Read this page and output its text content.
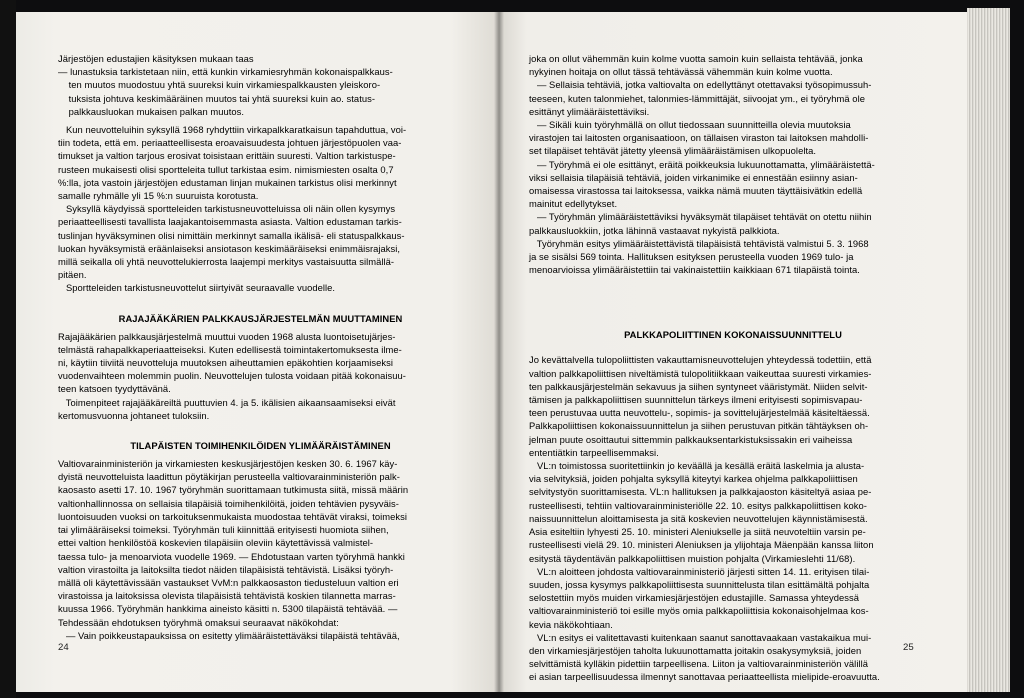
Järjestöjen edustajien käsityksen mukaan taas

— lunastuksia tarkistetaan niin, että kunkin virkamiesryhmän kokonaispalkkaus-

ten muutos muodostuu yhtä suureksi kuin virkamiespalkkausten yleiskoro-

tuksista johtuva keskimääräinen muutos tai yhtä suureksi kuin ao. status-

palkkausluokan mukaisen palkan muutos.

Kun neuvotteluihin syksyllä 1968 ryhdyttiin virkapalkkaratkaisun tapahduttua, voi-

tiin todeta, että em. periaatteellisesta eroavaisuudesta johtuen järjestöpuolen vaa-

timukset ja valtion tarjous erosivat toisistaan erittäin suuresti. Valtion tarkistuspe-

rusteen mukaisesti olisi sportteleita tullut tarkistaa esim. nimismiesten osalta 0,7

%:lla, jota vastoin järjestöjen edustaman linjan mukainen tarkistus olisi merkinnyt

samalle ryhmälle yli 15 %:n suuruista korotusta.

Syksyllä käydyissä sportteleiden tarkistusneuvotteluissa oli näin ollen kysymys

periaatteellisesti tavallista laajakantoisemmasta asiasta. Valtion edustaman tarkis-

tuslinjan hyväksyminen olisi nimittäin merkinnyt samalla ikälisä- eli statuspalkkaus-

luokan hyväksymistä eräänlaiseksi ansiotason keskimääräiseksi enimmäisrajaksi,

millä seikalla oli yhtä neuvottelukierrosta laajempi merkitys vastaisuutta silmällä-

pitäen.

Sportteleiden tarkistusneuvottelut siirtyivät seuraavalle vuodelle.

RAJAJÄÄKÄRIEN PALKKAUSJÄRJESTELMÄN MUUTTAMINEN

Rajajääkärien palkkausjärjestelmä muuttui vuoden 1968 alusta luontoisetujärjes-

telmästä rahapalkkaperiaatteiseksi. Kuten edellisestä toimintakertomuksesta ilme-

ni, käytiin tiiviitä neuvotteluja muutoksen aiheuttamien epäkohtien korjaamiseksi

vuodenvaihteen molemmin puolin. Neuvottelujen tulosta voidaan pitää kokonaisuu-

teen katsoen tyydyttävänä.

Toimenpiteet rajajääkäreiltä puuttuvien 4. ja 5. ikälisien aikaansaamiseksi eivät

kertomusvuonna johtaneet tuloksiin.

TILAPÄISTEN TOIMIHENKILÖIDEN YLIMÄÄRÄISTÄMINEN

Valtiovarainministeriön ja virkamiesten keskusjärjestöjen kesken 30. 6. 1967 käy-

dyistä neuvotteluista laadittun pöytäkirjan perusteella valtiovarainministeriön palk-

kaosasto asetti 17. 10. 1967 työryhmän suorittamaan tutkimusta siitä, missä määrin

valtionhallinnossa on sellaisia tilapäisiä toimihenkilöitä, joiden tehtävien pysyväis-

luontoisuuden vuoksi on tarkoituksenmukaista muodostaa tehtävät viraksi, toimeksi

tai ylimääräiseksi toimeksi. Työryhmän tuli kiinnittää erityisesti huomiota siihen,

ettei valtion henkilöstöä koskevien tilapäisiin oleviin käytettävissä valmistel-

taessa tulo- ja menoarviota vuodelle 1969. — Ehdotustaan varten työryhmä hankki

valtion virastoilta ja laitoksilta tiedot näiden tilapäisistä tehtävistä. Lisäksi työryh-

mällä oli käytettävissään vastaukset VvM:n palkkaosaston tiedusteluun valtion eri

virastoissa ja laitoksissa olevista tilapäisistä tehtävistä koskien tilannetta marras-

kuussa 1966. Työryhmän hankkima aineisto käsitti n. 5300 tilapäistä tehtävää. —

Tehdessään ehdotuksen työryhmä omaksui seuraavat näkökohdat:

— Vain poikkeustapauksissa on esitetty ylimääräistettäväksi tilapäistä tehtävää,

joka on ollut vähemmän kuin kolme vuotta samoin kuin sellaista tehtävää, jonka

nykyinen hoitaja on ollut tässä tehtävässä vähemmän kuin kolme vuotta.

— Sellaisia tehtäviä, jotka valtiovalta on edellyttänyt otettavaksi työsopimussuh-

teeseen, kuten talonmiehet, talonmies-lämmittäjät, siivoojat ym., ei työryhmä ole

esittänyt ylimääräistettäviksi.

— Sikäli kuin työryhmällä on ollut tiedossaan suunnitteilla olevia muutoksia

virastojen tai laitosten organisaatioon, on tällaisen viraston tai laitoksen mahdolli-

set tilapäiset tehtävät jätetty yleensä ylimääräistämisen ulkopuolelta.

— Työryhmä ei ole esittänyt, eräitä poikkeuksia lukuunottamatta, ylimääräistettä-

viksi sellaisia tilapäisiä tehtäviä, joiden virkanimike ei ennestään esiinny asian-

omaisessa virastossa tai laitoksessa, vaikka nämä muuten täyttäisivätkin edellä

mainitut edellytykset.

— Työryhmän ylimääräistettäviksi hyväksymät tilapäiset tehtävät on otettu niihin

palkkausluokkiin, jotka lähinnä vastaavat nykyistä palkkiota.

Työryhmän esitys ylimääräistettävistä tilapäisistä tehtävistä valmistui 5. 3. 1968

ja se sisälsi 569 tointa. Hallituksen esityksen perusteella vuoden 1969 tulo- ja

menoarvioissa ylimääräistettiin tai vakinaistettiin kaikkiaan 671 tilapäistä tointa.

PALKKAPOLIITTINEN KOKONAISSUUNNITTELU

Jo kevättalvella tulopoliittisten vakauttamisneuvottelujen yhteydessä todettiin, että

valtion palkkapoliittisen niveltämistä tulopolitiikkaan vaikeuttaa suuresti virkamies-

ten palkkausjärjestelmän sekavuus ja siihen syntyneet vääristymät. Niiden selvit-

tämisen ja palkkapoliittisen suunnittelun tärkeys ilmeni erityisesti sopimisvapau-

teen perustuvaa uutta neuvottelu-, sopimis- ja sovittelujärjestelmää käsiteltäessä.

Palkkapoliittisen kokonaissuunnittelun ja siihen perustuvan pitkän tähtäyksen oh-

jelman puute osoittautui sittemmin palkkauksentarkistuksissakin eri vaiheissa

ententiätkin tarpeellisemmaksi.

VL:n toimistossa suoritettiinkin jo keväällä ja kesällä eräitä laskelmia ja alusta-

via selvityksiä, joiden pohjalta syksyllä kiteytyi karkea ohjelma palkkapoliittisen

selvitystyön suorittamisesta. VL:n hallituksen ja palkkajaoston käsiteltyä asiaa pe-

rusteellisesti, tehtiin valtiovarainministeriölle 22. 10. esitys palkkapoliittisen koko-

naissuunnittelun aloittamisesta ja sitä koskevien neuvottelujen käynnistämisestä.

Asia esiteltiin lyhyesti 25. 10. ministeri Aleniukselle ja siitä neuvoteltiin varsin pe-

rusteellisesti vielä 29. 10. ministeri Aleniuksen ja ylijohtaja Mäenpään kanssa liiton

esitystä täydentävän palkkapoliittisen muistion pohjalta (Virkamieslehti 11/68).

VL:n aloitteen johdosta valtiovarainministeriö järjesti sitten 14. 11. erityisen tilai-

suuden, jossa kysymys palkkapoliittisesta suunnittelusta tilan esittämältä pohjalta

selostettiin myös muiden virkamiesjärjestöjen edustajille. Samassa yhteydessä

valtiovarainministeriö toi esille myös omia palkkapoliittisia kokonaisohjelmaa kos-

kevia näkökohtiaan.

VL:n esitys ei valitettavasti kuitenkaan saanut sanottavaakaan vastakaikua mui-

den virkamiesjärjestöjen taholta lukuunottamatta joitakin osakysymyksiä, joiden

selvittämistä kylläkin pidettiin tarpeellisena. Liiton ja valtiovarainministeriön välillä

ei asian tarpeellisuudessa ilmennyt sanottavaa periaatteellista mielipide-eroavuutta.

24	25
